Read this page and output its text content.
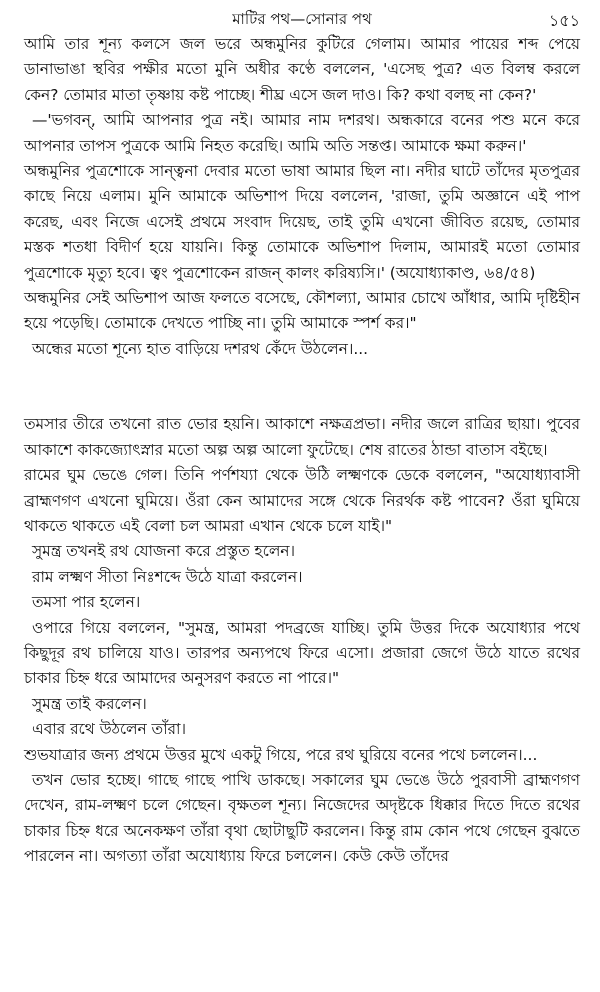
মাটির পথ—সোনার পথ	১৫১

আমি তার শূন্য কলসে জল ভরে অন্ধমুনির কুটিরে গেলাম। আমার পায়ের শব্দ পেয়ে ডানাভাঙা স্থবির পক্ষীর মতো মুনি অধীর কণ্ঠে বললেন, 'এসেছ পুত্র? এত বিলম্ব করলে কেন? তোমার মাতা তৃষ্ণায় কষ্ট পাচ্ছে। শীঘ্র এসে জল দাও। কি? কথা বলছ না কেন?'

—'ভগবন্, আমি আপনার পুত্র নই। আমার নাম দশরথ। অন্ধকারে বনের পশু মনে করে আপনার তাপস পুত্রকে আমি নিহত করেছি। আমি অতি সন্তপ্ত। আমাকে ক্ষমা করুন।'

অন্ধমুনির পুত্রশোকে সান্ত্বনা দেবার মতো ভাষা আমার ছিল না। নদীর ঘাটে তাঁদের মৃতপুত্রর কাছে নিয়ে এলাম। মুনি আমাকে অভিশাপ দিয়ে বললেন, 'রাজা, তুমি অজ্ঞানে এই পাপ করেছ, এবং নিজে এসেই প্রথমে সংবাদ দিয়েছ, তাই তুমি এখনো জীবিত রয়েছ, তোমার মস্তক শতধা বিদীর্ণ হয়ে যায়নি। কিন্তু তোমাকে অভিশাপ দিলাম, আমারই মতো তোমার পুত্রশোকে মৃত্যু হবে। ত্বং পুত্রশোকেন রাজন্ কালং করিষ্যসি।' (অযোধ্যাকাণ্ড, ৬৪/৫৪)

অন্ধমুনির সেই অভিশাপ আজ ফলতে বসেছে, কৌশল্যা, আমার চোখে আঁধার, আমি দৃষ্টিহীন হয়ে পড়েছি। তোমাকে দেখতে পাচ্ছি না। তুমি আমাকে স্পর্শ কর।"

অন্ধের মতো শূন্যে হাত বাড়িয়ে দশরথ কেঁদে উঠলেন।...

তমসার তীরে তখনো রাত ভোর হয়নি। আকাশে নক্ষত্রপ্রভা। নদীর জলে রাত্রির ছায়া। পুবের আকাশে কাকজ্যোৎস্নার মতো অল্প অল্প আলো ফুটেছে। শেষ রাতের ঠান্ডা বাতাস বইছে।

রামের ঘুম ভেঙে গেল। তিনি পর্ণশয্যা থেকে উঠি লক্ষ্মণকে ডেকে বললেন, "অযোধ্যাবাসী ব্রাহ্মণগণ এখনো ঘুমিয়ে। ওঁরা কেন আমাদের সঙ্গে থেকে নিরর্থক কষ্ট পাবেন? ওঁরা ঘুমিয়ে থাকতে থাকতে এই বেলা চল আমরা এখান থেকে চলে যাই।"

সুমন্ত্র তখনই রথ যোজনা করে প্রস্তুত হলেন।

রাম লক্ষ্মণ সীতা নিঃশব্দে উঠে যাত্রা করলেন।

তমসা পার হলেন।

ওপারে গিয়ে বললেন, "সুমন্ত্র, আমরা পদব্রজে যাচ্ছি। তুমি উত্তর দিকে অযোধ্যার পথে কিছুদূর রথ চালিয়ে যাও। তারপর অন্যপথে ফিরে এসো। প্রজারা জেগে উঠে যাতে রথের চাকার চিহ্ন ধরে আমাদের অনুসরণ করতে না পারে।"

সুমন্ত্র তাই করলেন।

এবার রথে উঠলেন তাঁরা।

শুভযাত্রার জন্য প্রথমে উত্তর মুখে একটু গিয়ে, পরে রথ ঘুরিয়ে বনের পথে চললেন।...

তখন ভোর হচ্ছে। গাছে গাছে পাখি ডাকছে। সকালের ঘুম ভেঙে উঠে পুরবাসী ব্রাহ্মণগণ দেখেন, রাম-লক্ষ্মণ চলে গেছেন। বৃক্ষতল শূন্য। নিজেদের অদৃষ্টকে ধিক্কার দিতে দিতে রথের চাকার চিহ্ন ধরে অনেকক্ষণ তাঁরা বৃথা ছোটাছুটি করলেন। কিন্তু রাম কোন পথে গেছেন বুঝতে পারলেন না। অগত্যা তাঁরা অযোধ্যায় ফিরে চললেন। কেউ কেউ তাঁদের
